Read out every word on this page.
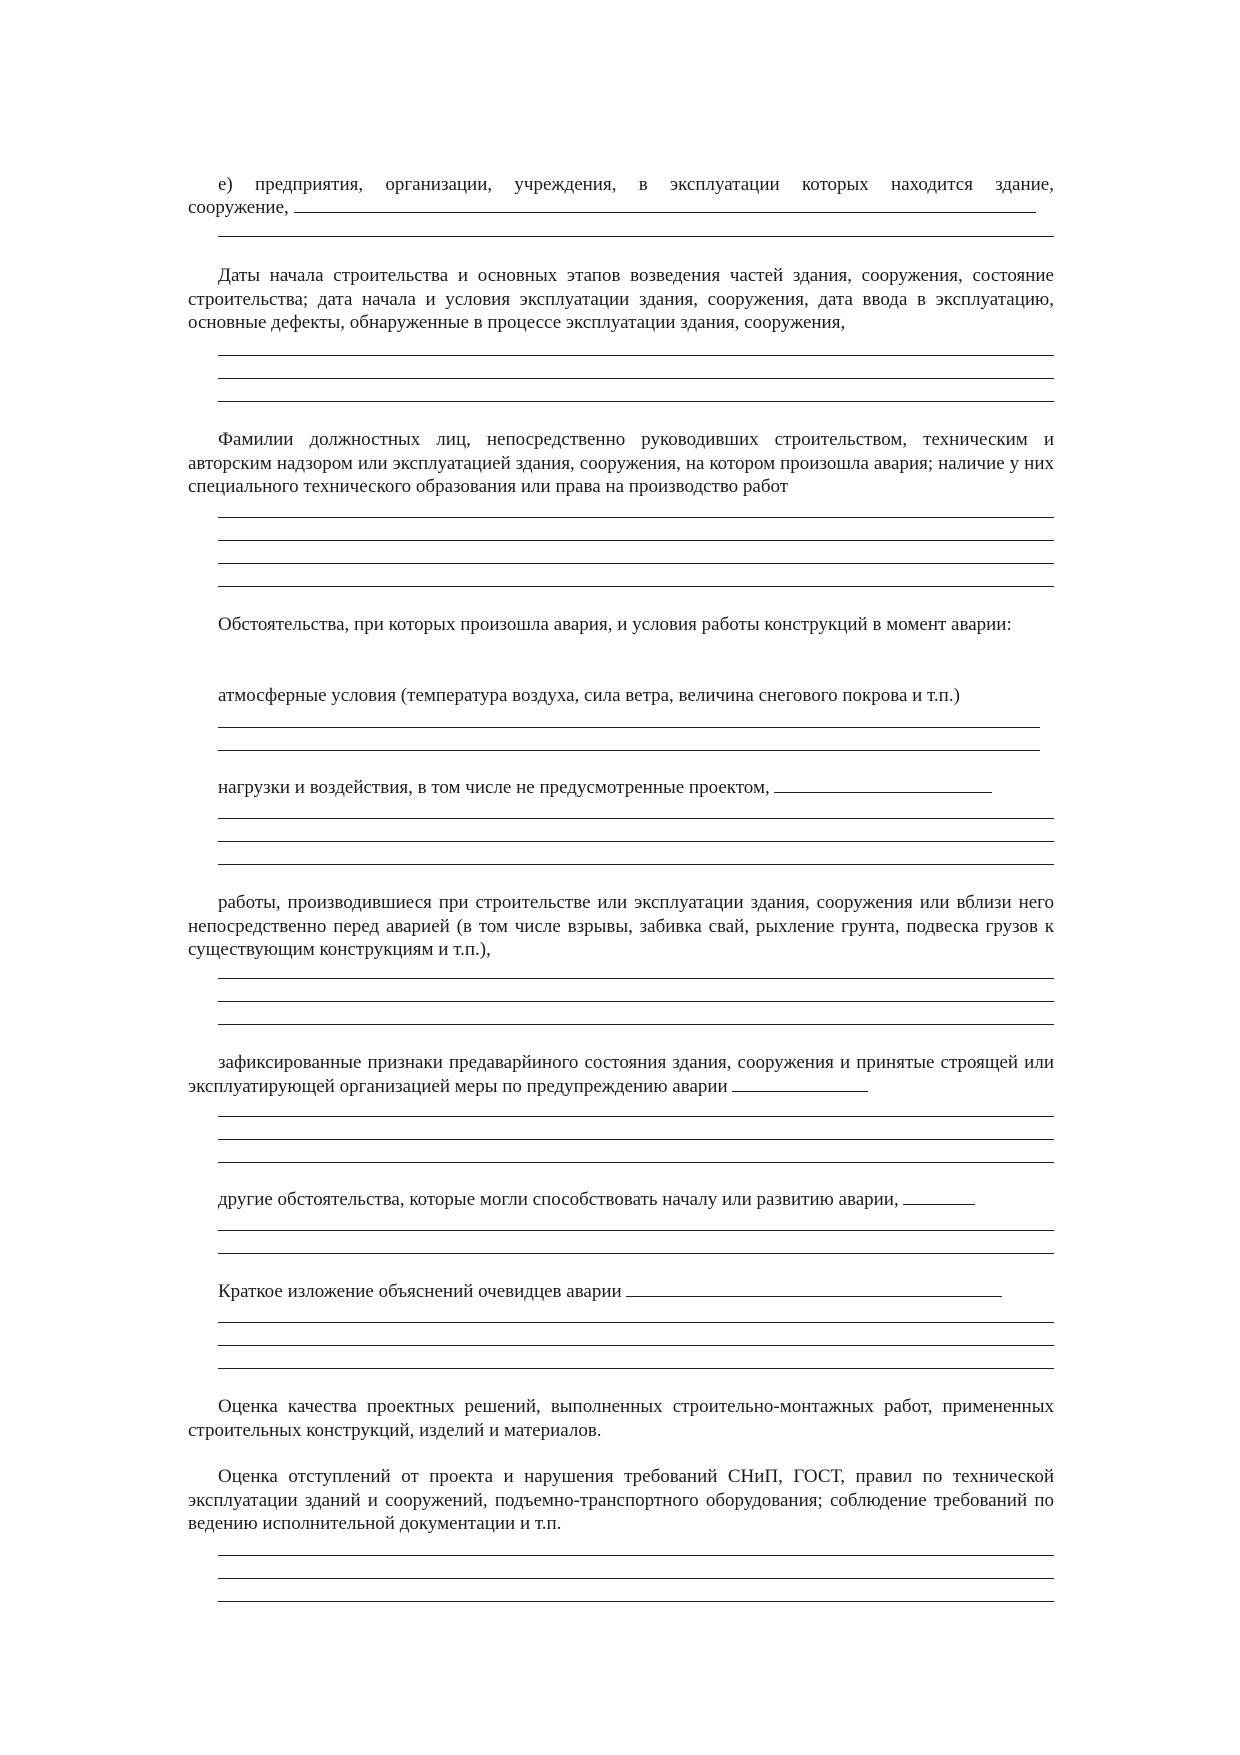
е) предприятия, организации, учреждения, в эксплуатации которых находится здание,

сооружение,

Даты начала строительства и основных этапов возведения частей здания, сооружения, состояние строительства; дата начала и условия эксплуатации здания, сооружения, дата ввода в эксплуатацию, основные дефекты, обнаруженные в процессе эксплуатации здания, сооружения,

Фамилии должностных лиц, непосредственно руководивших строительством, техническим и авторским надзором или эксплуатацией здания, сооружения, на котором произошла авария; наличие у них специального технического образования или права на производство работ

Обстоятельства, при которых произошла авария, и условия работы конструкций в момент аварии:

атмосферные условия (температура воздуха, сила ветра, величина снегового покрова и т.п.)

нагрузки и воздействия, в том числе не предусмотренные проектом,

работы, производившиеся при строительстве или эксплуатации здания, сооружения или вблизи него непосредственно перед аварией (в том числе взрывы, забивка свай, рыхление грунта, подвеска грузов к существующим конструкциям и т.п.),

зафиксированные признаки предаварйиного состояния здания, сооружения и принятые строящей или эксплуатирующей организацией меры по предупреждению аварии

другие обстоятельства, которые могли способствовать началу или развитию аварии,

Краткое изложение объяснений очевидцев аварии

Оценка качества проектных решений, выполненных строительно-монтажных работ, примененных строительных конструкций, изделий и материалов.

Оценка отступлений от проекта и нарушения требований СНиП, ГОСТ, правил по технической эксплуатации зданий и сооружений, подъемно-транспортного оборудования; соблюдение требований по ведению исполнительной документации и т.п.
